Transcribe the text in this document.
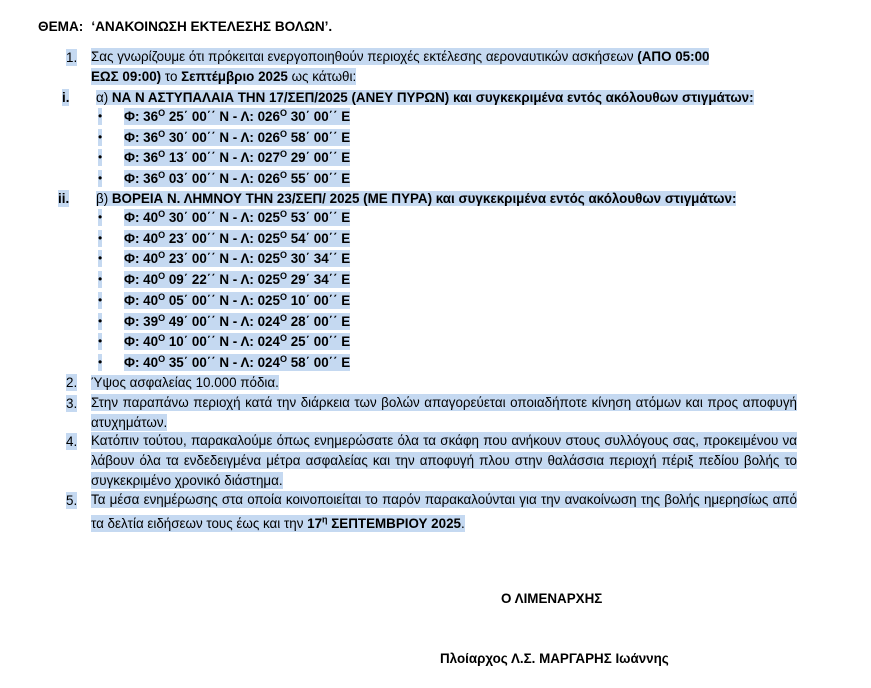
ΘΕΜΑ: ‘ΑΝΑΚΟΙΝΩΣΗ ΕΚΤΕΛΕΣΗΣ ΒΟΛΩΝ’.
1. Σας γνωρίζουμε ότι πρόκειται ενεργοποιηθούν περιοχές εκτέλεσης αεροναυτικών ασκήσεων (ΑΠΟ 05:00
ΕΩΣ 09:00) το Σεπτέμβριο 2025 ως κάτωθι:
i. α) ΝΑ Ν ΑΣΤΥΠΑΛΑΙΑ ΤΗΝ 17/ΣΕΠ/2025 (ΑΝΕΥ ΠΥΡΩΝ) και συγκεκριμένα εντός ακόλουθων στιγμάτων:
• Φ: $36^O$ 25΄ 00΄΄ Ν - Λ: $026^O$ 30΄ 00΄΄ Ε
• Φ: $36^O$ 30΄ 00΄΄ Ν - Λ: $026^O$ 58΄ 00΄΄ Ε
• Φ: $36^O$ 13΄ 00΄΄ Ν - Λ: $027^O$ 29΄ 00΄΄ Ε
• Φ: $36^O$ 03΄ 00΄΄ Ν - Λ: $026^O$ 55΄ 00΄΄ Ε
ii. β) ΒΟΡΕΙΑ Ν. ΛΗΜΝΟΥ ΤΗΝ 23/ΣΕΠ/ 2025 (ΜΕ ΠΥΡΑ) και συγκεκριμένα εντός ακόλουθων στιγμάτων:
• Φ: $40^O$ 30΄ 00΄΄ Ν - Λ: $025^O$ 53΄ 00΄΄ Ε
• Φ: $40^O$ 23΄ 00΄΄ Ν - Λ: $025^O$ 54΄ 00΄΄ Ε
• Φ: $40^O$ 23΄ 00΄΄ Ν - Λ: $025^O$ 30΄ 34΄΄ Ε
• Φ: $40^O$ 09΄ 22΄΄ Ν - Λ: $025^O$ 29΄ 34΄΄ Ε
• Φ: $40^O$ 05΄ 00΄΄ Ν - Λ: $025^O$ 10΄ 00΄΄ Ε
• Φ: $39^O$ 49΄ 00΄΄ Ν - Λ: $024^O$ 28΄ 00΄΄ Ε
• Φ: $40^O$ 10΄ 00΄΄ Ν - Λ: $024^O$ 25΄ 00΄΄ Ε
• Φ: $40^O$ 35΄ 00΄΄ Ν - Λ: $024^O$ 58΄ 00΄΄ Ε
2. Ύψος ασφαλείας 10.000 πόδια.
3. Στην παραπάνω περιοχή κατά την διάρκεια των βολών απαγορεύεται οποιαδήποτε κίνηση ατόμων και προς αποφυγή ατυχημάτων.
4. Κατόπιν τούτου, παρακαλούμε όπως ενημερώσατε όλα τα σκάφη που ανήκουν στους συλλόγους σας, προκειμένου να λάβουν όλα τα ενδεδειγμένα μέτρα ασφαλείας και την αποφυγή πλου στην θαλάσσια περιοχή πέριξ πεδίου βολής το συγκεκριμένο χρονικό διάστημα.
5. Τα μέσα ενημέρωσης στα οποία κοινοποιείται το παρόν παρακαλούνται για την ανακοίνωση της βολής ημερησίως από τα δελτία ειδήσεων τους έως και την $17^\eta$ ΣΕΠΤΕΜΒΡΙΟΥ 2025.
Ο ΛΙΜΕΝΑΡΧΗΣ
Πλοίαρχος Λ.Σ. ΜΑΡΓΑΡΗΣ Ιωάννης
